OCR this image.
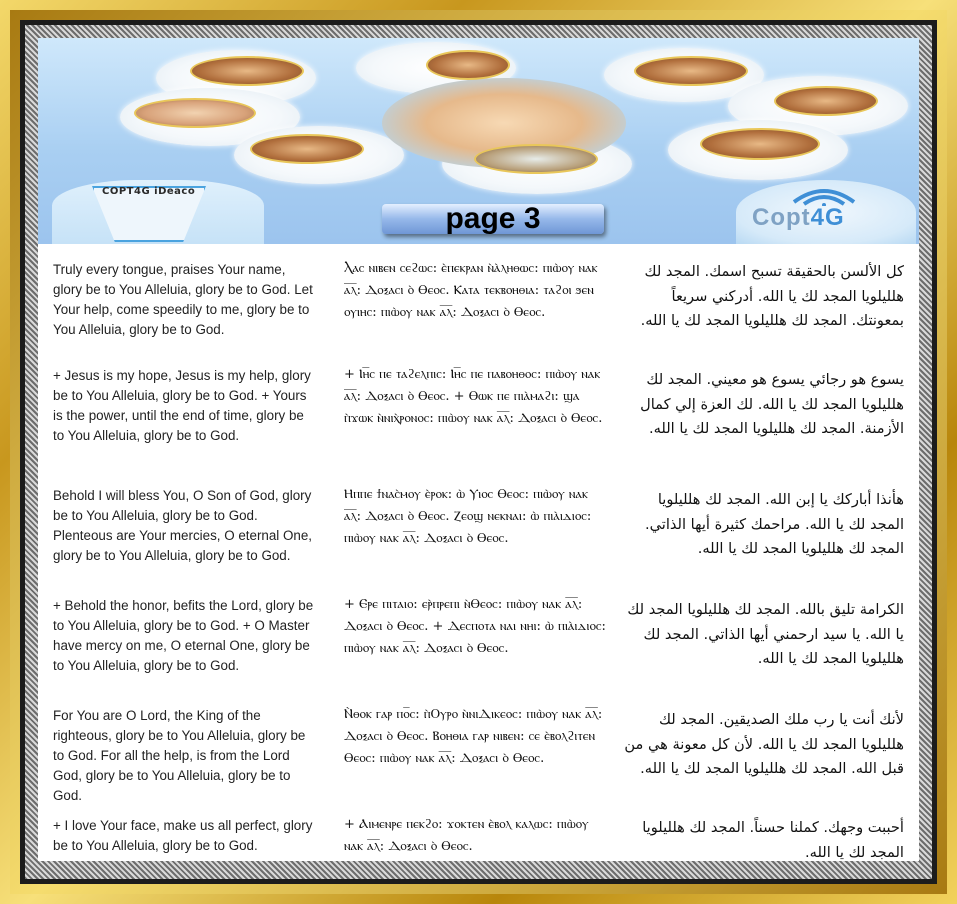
COPT4G iDeaco
Copt4G
page 3
Truly every tongue, praises Your name, glory be to You Alleluia, glory be to God. Let Your help, come speedily to me, glory be to You Alleluia, glory be to God.
Ⲗⲁⲥ ⲛⲓⲃⲉⲛ ⲥⲉϩⲱⲥ: ⲉ̀ⲡⲉⲕⲣⲁⲛ ⲛ̀ⲁ̀ⲗⲏⲑⲱⲥ: ⲡⲓⲱ̀ⲟⲩ ⲛⲁⲕ ⲁ̅ⲗ̅: Ⲇⲟⲝⲁⲥⲓ ⲟ̀ Ⲑⲉⲟⲥ. Ⲕⲁⲧⲁ ⲧⲉⲕⲃⲟⲏⲑⲓⲁ: ⲧⲁϩⲟⲓ ϧⲉⲛ ⲟⲩⲓⲏⲥ: ⲡⲓⲱ̀ⲟⲩ ⲛⲁⲕ ⲁ̅ⲗ̅: Ⲇⲟⲝⲁⲥⲓ ⲟ̀ Ⲑⲉⲟⲥ.
كل الألسن بالحقيقة تسبح اسمك. المجد لك هلليلويا المجد لك يا الله. أدركني سريعاً بمعونتك. المجد لك هلليلويا المجد لك يا الله.
+ Jesus is my hope, Jesus is my help, glory be to You Alleluia, glory be to God. + Yours is the power, until the end of time, glory be to You Alleluia, glory be to God.
+ Ⲓⲏ̅ⲥ ⲡⲉ ⲧⲁϩⲉⲗⲡⲓⲥ: Ⲓⲏ̅ⲥ ⲡⲉ ⲡⲁⲃⲟⲏⲑⲟⲥ: ⲡⲓⲱ̀ⲟⲩ ⲛⲁⲕ ⲁ̅ⲗ̅: Ⲇⲟⲝⲁⲥⲓ ⲟ̀ Ⲑⲉⲟⲥ. + Ⲑⲱⲕ ⲡⲉ ⲡⲓⲁ̀ⲙⲁϩⲓ: ϣⲁ ⲡ̀ϫⲱⲕ ⲛ̀ⲛⲓⲭ̀ⲣⲟⲛⲟⲥ: ⲡⲓⲱ̀ⲟⲩ ⲛⲁⲕ ⲁ̅ⲗ̅: Ⲇⲟⲝⲁⲥⲓ ⲟ̀ Ⲑⲉⲟⲥ.
يسوع هو رجائي يسوع هو معيني. المجد لك هلليلويا المجد لك يا الله. لك العزة إلي كمال الأزمنة. المجد لك هلليلويا المجد لك يا الله.
Behold I will bless You, O Son of God, glory be to You Alleluia, glory be to God. Plenteous are Your mercies, O eternal One, glory be to You Alleluia, glory be to God.
Ⲏⲡⲡⲉ ϯⲛⲁⲥ̀ⲙⲟⲩ ⲉ̀ⲣⲟⲕ: ⲱ̀ Ⲩⲓⲟⲥ Ⲑⲉⲟⲥ: ⲡⲓⲱ̀ⲟⲩ ⲛⲁⲕ ⲁ̅ⲗ̅: Ⲇⲟⲝⲁⲥⲓ ⲟ̀ Ⲑⲉⲟⲥ. Ⲍⲉⲟϣ ⲛⲉⲕⲛⲁⲓ: ⲱ̀ ⲡⲓⲁ̀ⲓⲇⲓⲟⲥ: ⲡⲓⲱ̀ⲟⲩ ⲛⲁⲕ ⲁ̅ⲗ̅: Ⲇⲟⲝⲁⲥⲓ ⲟ̀ Ⲑⲉⲟⲥ.
هأنذا أباركك يا إبن الله. المجد لك هلليلويا المجد لك يا الله. مراحمك كثيرة أيها الذاتي. المجد لك هلليلويا المجد لك يا الله.
+ Behold the honor, befits the Lord, glory be to You Alleluia, glory be to God. + O Master have mercy on me, O eternal One, glory be to You Alleluia, glory be to God.
+ Ⲉⲣⲉ ⲡⲓⲧⲁⲓⲟ: ⲉⲣ̀ⲡⲣⲉⲡⲓ ⲛ̀Ⲑⲉⲟⲥ: ⲡⲓⲱ̀ⲟⲩ ⲛⲁⲕ ⲁ̅ⲗ̅: Ⲇⲟⲝⲁⲥⲓ ⲟ̀ Ⲑⲉⲟⲥ. + Ⲇⲉⲥⲡⲟⲧⲁ ⲛⲁⲓ ⲛⲏⲓ: ⲱ̀ ⲡⲓⲁ̀ⲓⲇⲓⲟⲥ: ⲡⲓⲱ̀ⲟⲩ ⲛⲁⲕ ⲁ̅ⲗ̅: Ⲇⲟⲝⲁⲥⲓ ⲟ̀ Ⲑⲉⲟⲥ.
الكرامة تليق بالله. المجد لك هلليلويا المجد لك يا الله. يا سيد ارحمني أيها الذاتي. المجد لك هلليلويا المجد لك يا الله.
For You are O Lord, the King of the righteous, glory be to You Alleluia, glory be to God. For all the help, is from the Lord God, glory be to You Alleluia, glory be to God.
Ⲛ̀ⲑⲟⲕ ⲅⲁⲣ ⲡⲟ̅ⲥ: ⲡ̀Ⲟⲩⲣⲟ ⲛ̀ⲛⲓⲆⲓⲕⲉⲟⲥ: ⲡⲓⲱ̀ⲟⲩ ⲛⲁⲕ ⲁ̅ⲗ̅: Ⲇⲟⲝⲁⲥⲓ ⲟ̀ Ⲑⲉⲟⲥ. Ⲃⲟⲏⲑⲓⲁ ⲅⲁⲣ ⲛⲓⲃⲉⲛ: ⲥⲉ ⲉ̀ⲃⲟⲗϩⲓⲧⲉⲛ Ⲑⲉⲟⲥ: ⲡⲓⲱ̀ⲟⲩ ⲛⲁⲕ ⲁ̅ⲗ̅: Ⲇⲟⲝⲁⲥⲓ ⲟ̀ Ⲑⲉⲟⲥ.
لأنك أنت يا رب ملك الصديقين. المجد لك هلليلويا المجد لك يا الله. لأن كل معونة هي من قبل الله. المجد لك هلليلويا المجد لك يا الله.
+ I love Your face, make us all perfect, glory be to You Alleluia, glory be to God.
+ Ⲁⲓⲙⲉⲛⲣⲉ ⲡⲉⲕϩⲟ: ϫⲟⲕⲧⲉⲛ ⲉ̀ⲃⲟⲗ ⲕⲁⲗⲱⲥ: ⲡⲓⲱ̀ⲟⲩ ⲛⲁⲕ ⲁ̅ⲗ̅: Ⲇⲟⲝⲁⲥⲓ ⲟ̀ Ⲑⲉⲟⲥ.
أحببت وجهك. كملنا حسناً. المجد لك هلليلويا المجد لك يا الله.
